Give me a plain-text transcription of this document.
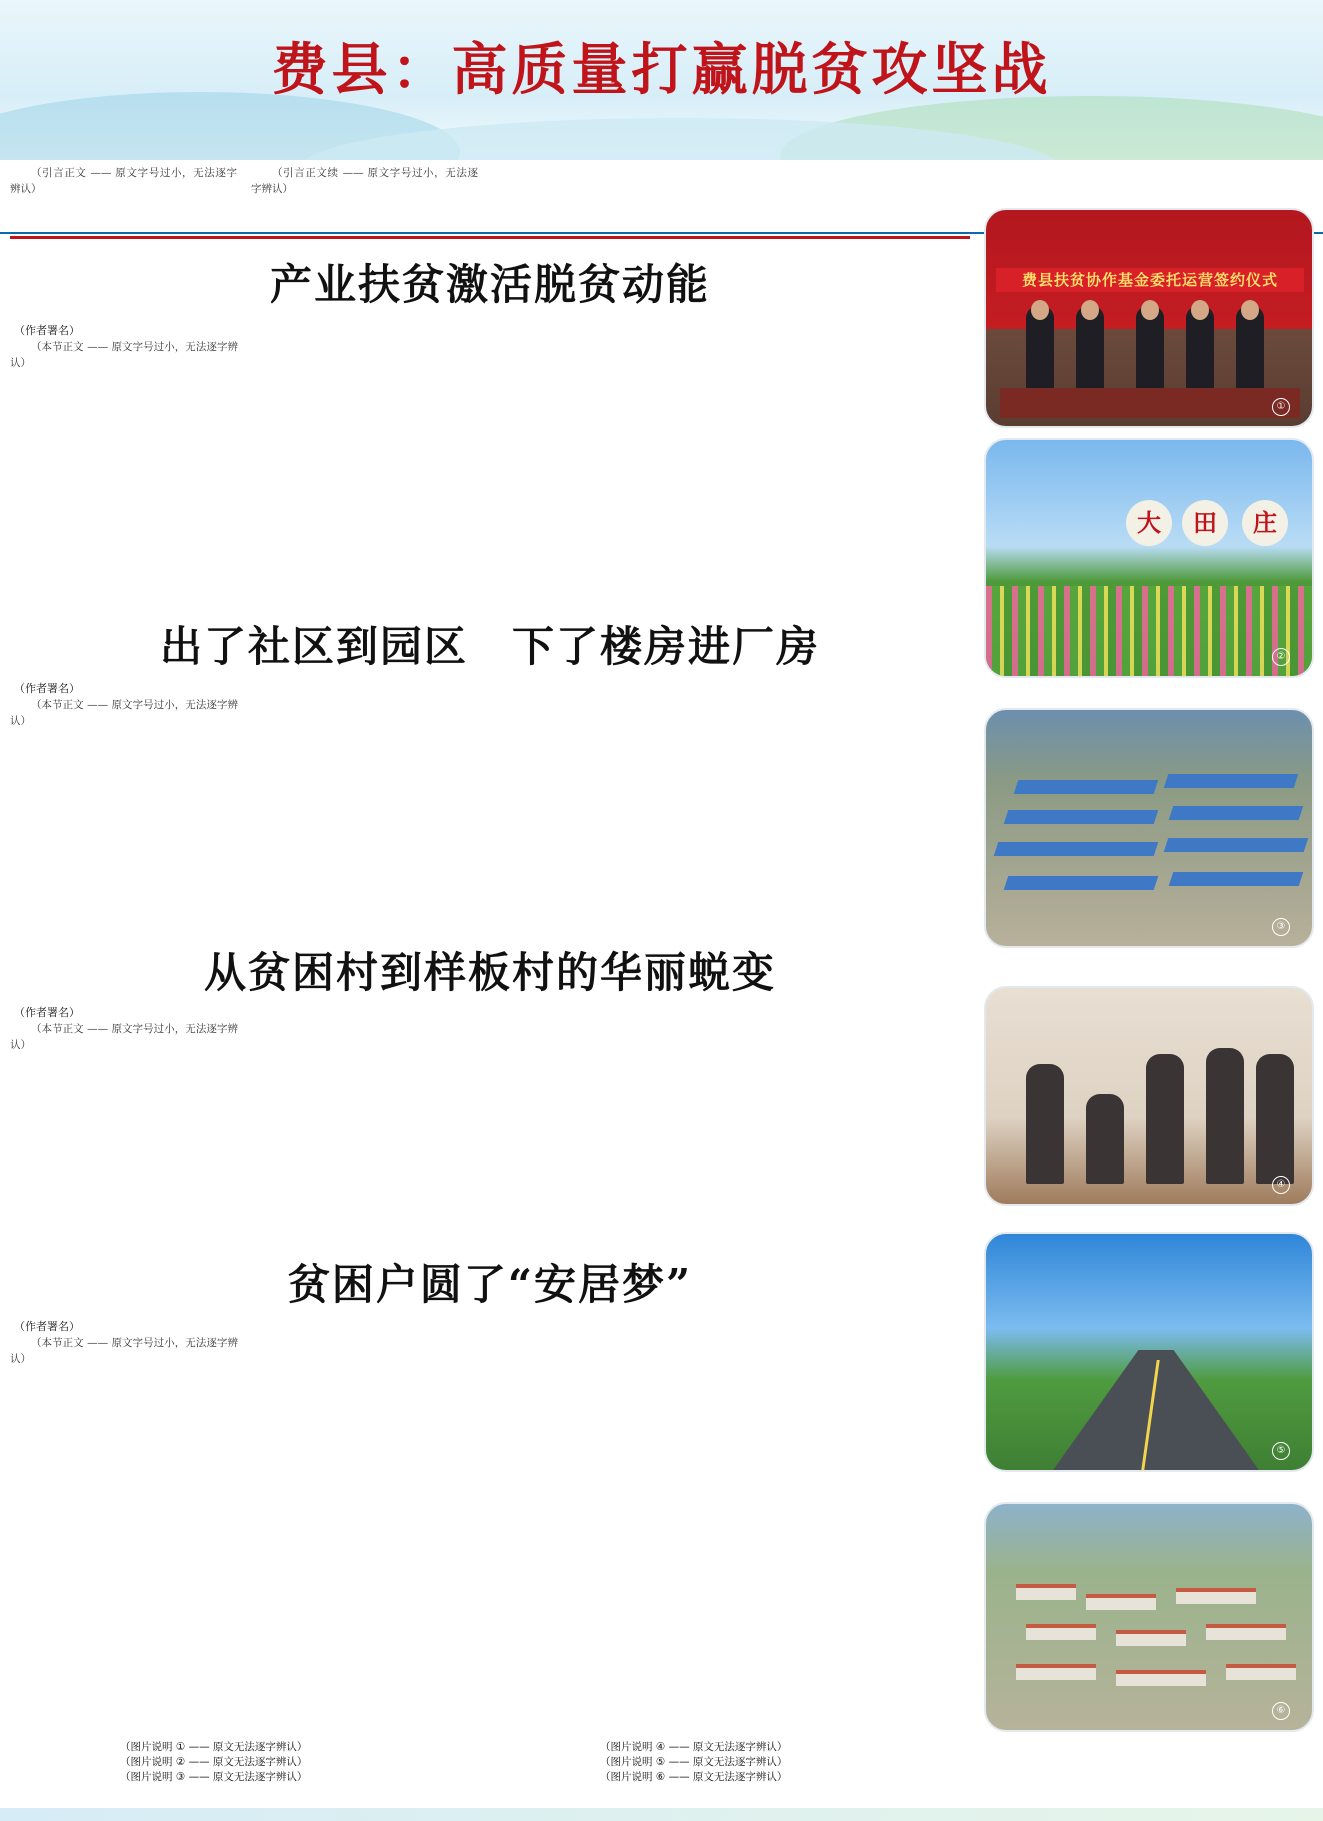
费县：高质量打赢脱贫攻坚战

（引言正文 —— 原文字号过小，无法逐字辨认）

（引言正文续 —— 原文字号过小，无法逐字辨认）

产业扶贫激活脱贫动能
（作者署名）

（本节正文 —— 原文字号过小，无法逐字辨认）

出了社区到园区　下了楼房进厂房
（作者署名）

（本节正文 —— 原文字号过小，无法逐字辨认）

从贫困村到样板村的华丽蜕变
（作者署名）

（本节正文 —— 原文字号过小，无法逐字辨认）

贫困户圆了“安居梦”
（作者署名）

（本节正文 —— 原文字号过小，无法逐字辨认）

费县扶贫协作基金委托运营签约仪式
①
大	田	庄
②
③
④
⑤
⑥
（图片说明 ① —— 原文无法逐字辨认）
（图片说明 ② —— 原文无法逐字辨认）
（图片说明 ③ —— 原文无法逐字辨认）
（图片说明 ④ —— 原文无法逐字辨认）
（图片说明 ⑤ —— 原文无法逐字辨认）
（图片说明 ⑥ —— 原文无法逐字辨认）
